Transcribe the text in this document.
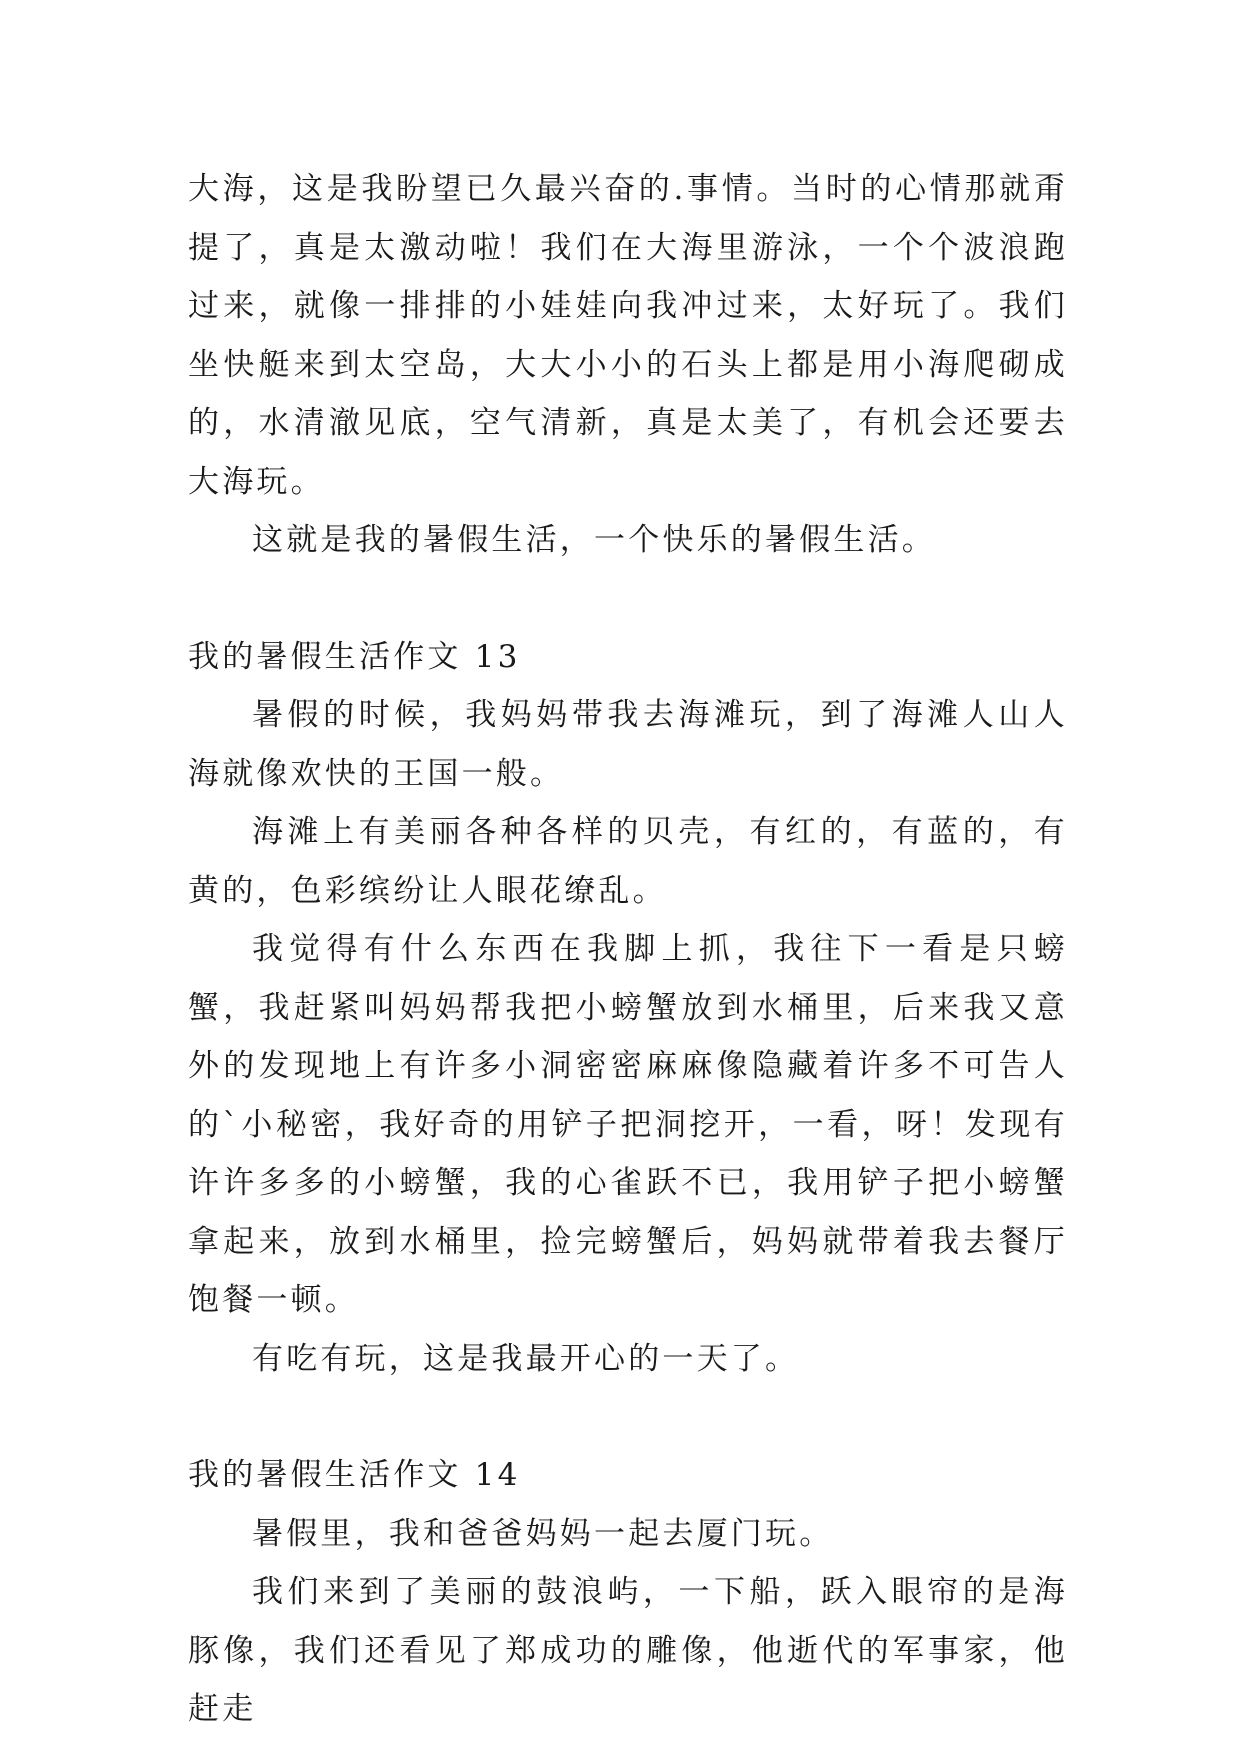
大海，这是我盼望已久最兴奋的.事情。当时的心情那就甭提了，真是太激动啦！我们在大海里游泳，一个个波浪跑过来，就像一排排的小娃娃向我冲过来，太好玩了。我们坐快艇来到太空岛，大大小小的石头上都是用小海爬砌成的，水清澈见底，空气清新，真是太美了，有机会还要去大海玩。

这就是我的暑假生活，一个快乐的暑假生活。

我的暑假生活作文 13

暑假的时候，我妈妈带我去海滩玩，到了海滩人山人海就像欢快的王国一般。

海滩上有美丽各种各样的贝壳，有红的，有蓝的，有黄的，色彩缤纷让人眼花缭乱。

我觉得有什么东西在我脚上抓，我往下一看是只螃蟹，我赶紧叫妈妈帮我把小螃蟹放到水桶里，后来我又意外的发现地上有许多小洞密密麻麻像隐藏着许多不可告人的`小秘密，我好奇的用铲子把洞挖开，一看，呀！发现有许许多多的小螃蟹，我的心雀跃不已，我用铲子把小螃蟹拿起来，放到水桶里，捡完螃蟹后，妈妈就带着我去餐厅饱餐一顿。

有吃有玩，这是我最开心的一天了。

我的暑假生活作文 14

暑假里，我和爸爸妈妈一起去厦门玩。

我们来到了美丽的鼓浪屿，一下船，跃入眼帘的是海豚像，我们还看见了郑成功的雕像，他逝代的军事家，他赶走
